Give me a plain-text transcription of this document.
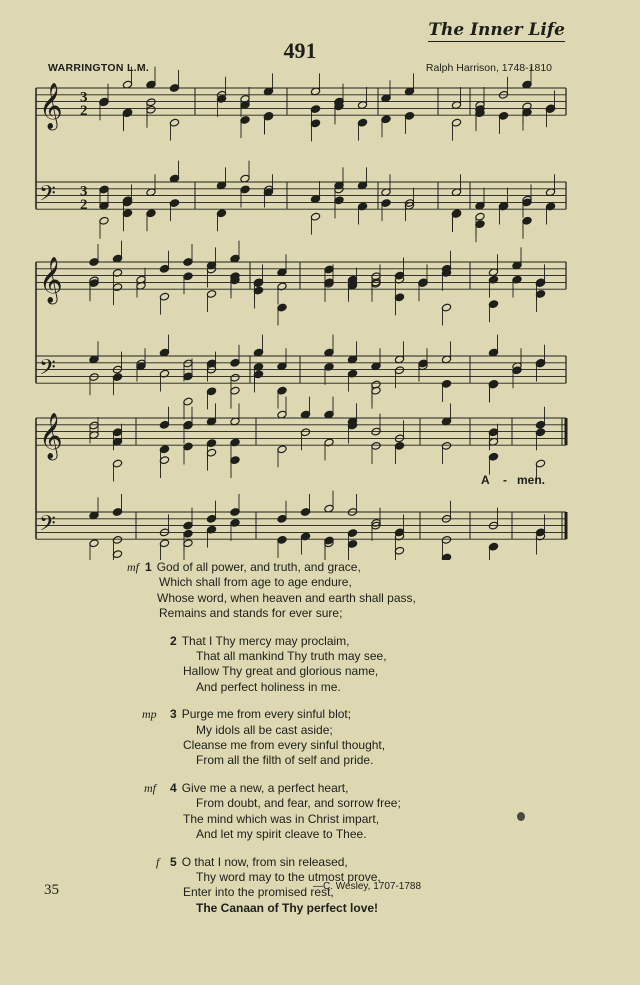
The Inner Life
491
WARRINGTON L.M.	Ralph Harrison, 1748-1810
𝄞 3
2
𝄢 3
2
𝄞
𝄢
𝄞
𝄢
A - men.
mf 1 God of all power, and truth, and grace,
Which shall from age to age endure,
Whose word, when heaven and earth shall pass,
Remains and stands for ever sure;
2 That I Thy mercy may proclaim,
That all mankind Thy truth may see,
Hallow Thy great and glorious name,
And perfect holiness in me.
mp 3 Purge me from every sinful blot;
My idols all be cast aside;
Cleanse me from every sinful thought,
From all the filth of self and pride.
mf 4 Give me a new, a perfect heart,
From doubt, and fear, and sorrow free;
The mind which was in Christ impart,
And let my spirit cleave to Thee.
f 5 O that I now, from sin released,
Thy word may to the utmost prove,
Enter into the promised rest,
The Canaan of Thy perfect love!
35	—C. Wesley, 1707-1788
